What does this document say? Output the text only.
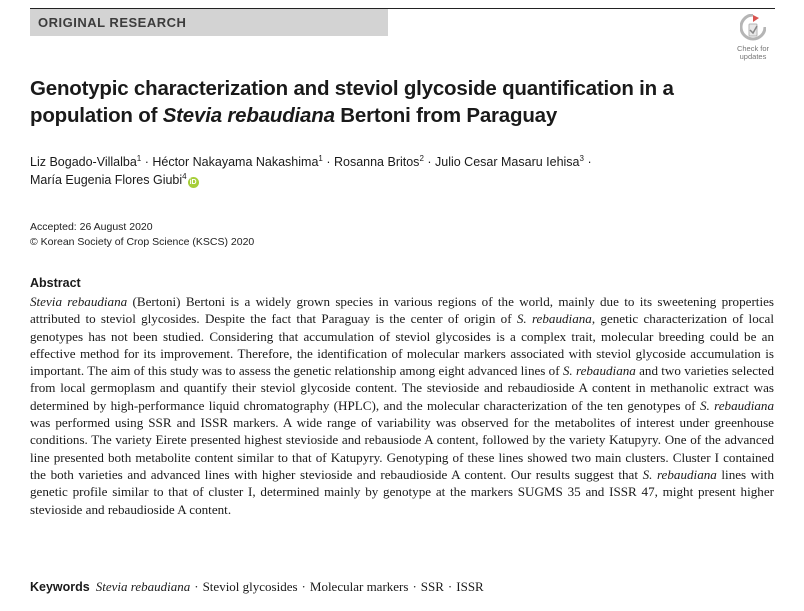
ORIGINAL RESEARCH
Check for
updates
Genotypic characterization and steviol glycoside quantification in a population of Stevia rebaudiana Bertoni from Paraguay
Liz Bogado-Villalba$^1$ · Héctor Nakayama Nakashima$^1$ · Rosanna Britos$^2$ · Julio Cesar Masaru Iehisa$^3$ ·
María Eugenia Flores Giubi$^4$iD
Accepted: 26 August 2020
© Korean Society of Crop Science (KSCS) 2020
Abstract
Stevia rebaudiana (Bertoni) Bertoni is a widely grown species in various regions of the world, mainly due to its sweetening properties attributed to steviol glycosides. Despite the fact that Paraguay is the center of origin of S. rebaudiana, genetic characterization of local genotypes has not been studied. Considering that accumulation of steviol glycosides is a complex trait, molecular breeding could be an effective method for its improvement. Therefore, the identification of molecular markers associated with steviol glycoside accumulation is important. The aim of this study was to assess the genetic relationship among eight advanced lines of S. rebaudiana and two varieties selected from local germoplasm and quantify their steviol glycoside content. The stevioside and rebaudioside A content in methanolic extract was determined by high-performance liquid chromatography (HPLC), and the molecular characterization of the ten genotypes of S. rebaudiana was performed using SSR and ISSR markers. A wide range of variability was observed for the metabolites of interest under greenhouse conditions. The variety Eirete presented highest stevioside and rebausiode A content, followed by the variety Katupyry. One of the advanced line presented both metabolite content similar to that of Katupyry. Genotyping of these lines showed two main clusters. Cluster I contained the both varieties and advanced lines with higher stevioside and rebaudioside A content. Our results suggest that S. rebaudiana lines with genetic profile similar to that of cluster I, determined mainly by genotype at the markers SUGMS 35 and ISSR 47, might present higher stevioside and rebaudioside A content.
Keywords Stevia rebaudiana · Steviol glycosides · Molecular markers · SSR · ISSR
